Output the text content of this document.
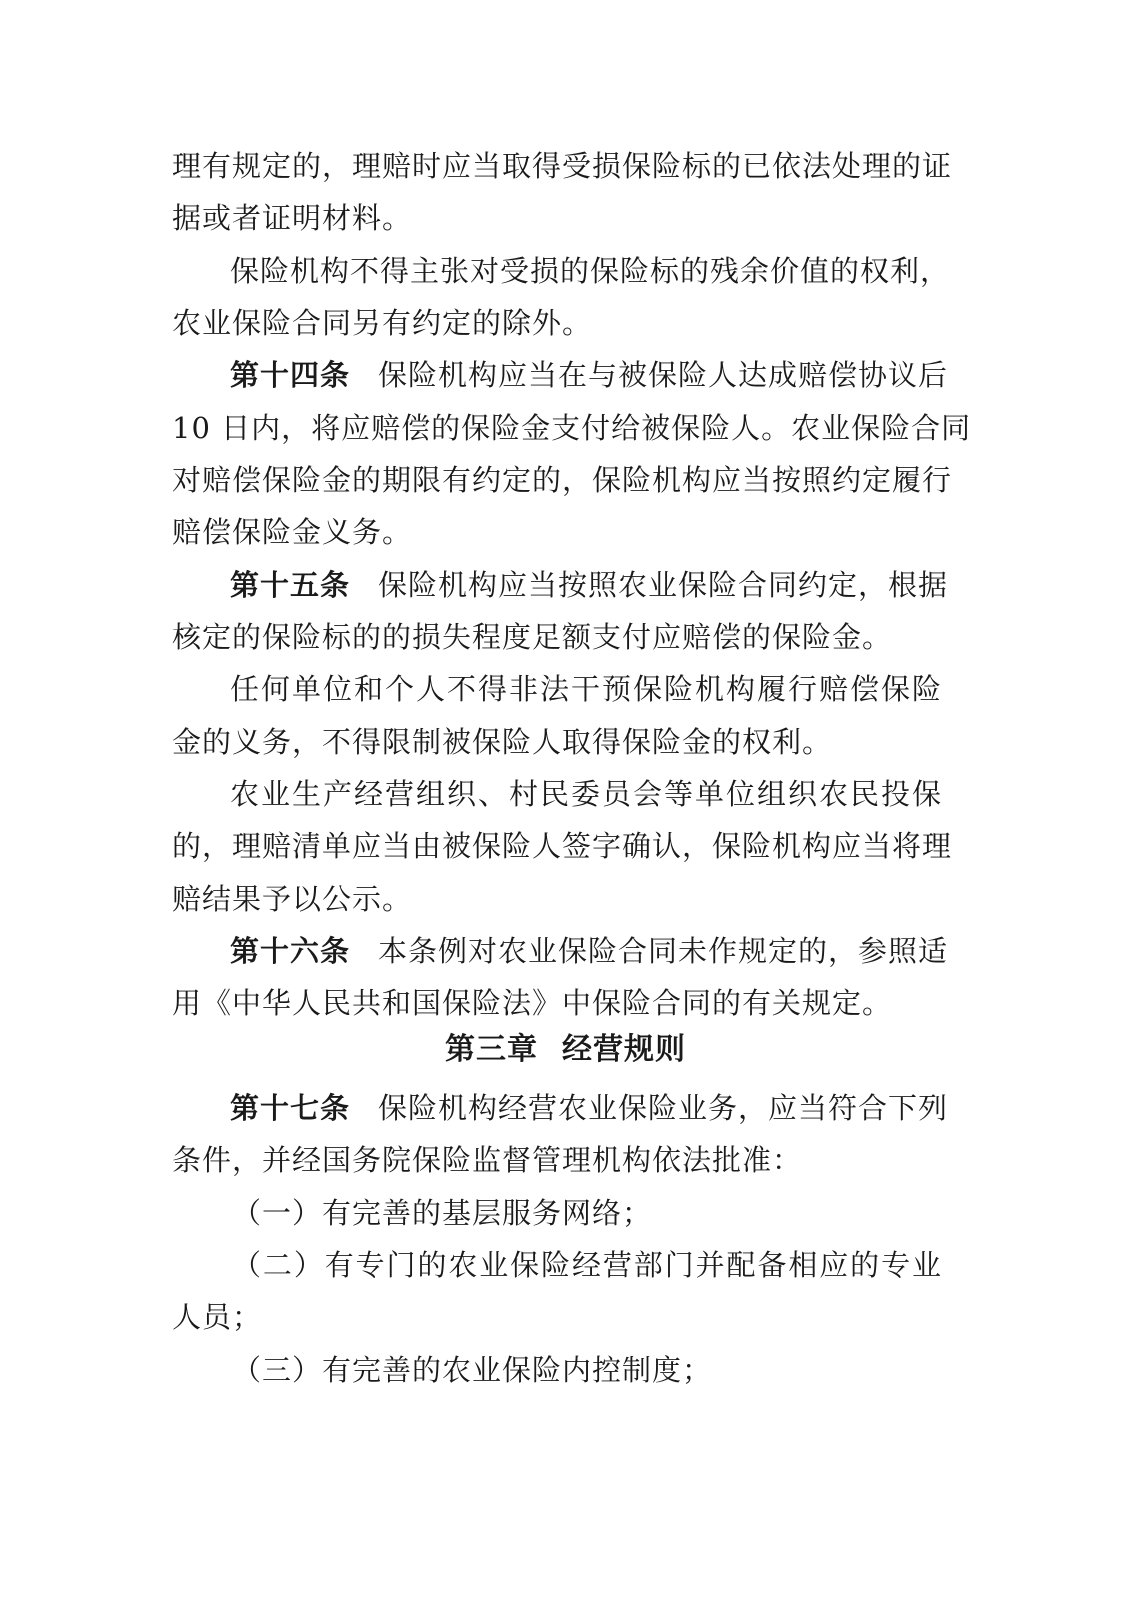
理有规定的，理赔时应当取得受损保险标的已依法处理的证
据或者证明材料。
保险机构不得主张对受损的保险标的残余价值的权利，
农业保险合同另有约定的除外。
第十四条 保险机构应当在与被保险人达成赔偿协议后
10 日内，将应赔偿的保险金支付给被保险人。农业保险合同
对赔偿保险金的期限有约定的，保险机构应当按照约定履行
赔偿保险金义务。
第十五条 保险机构应当按照农业保险合同约定，根据
核定的保险标的的损失程度足额支付应赔偿的保险金。
任何单位和个人不得非法干预保险机构履行赔偿保险
金的义务，不得限制被保险人取得保险金的权利。
农业生产经营组织、村民委员会等单位组织农民投保
的，理赔清单应当由被保险人签字确认，保险机构应当将理
赔结果予以公示。
第十六条 本条例对农业保险合同未作规定的，参照适
用《中华人民共和国保险法》中保险合同的有关规定。
第三章 经营规则
第十七条 保险机构经营农业保险业务，应当符合下列
条件，并经国务院保险监督管理机构依法批准：
（一）有完善的基层服务网络；
（二）有专门的农业保险经营部门并配备相应的专业
人员；
（三）有完善的农业保险内控制度；
